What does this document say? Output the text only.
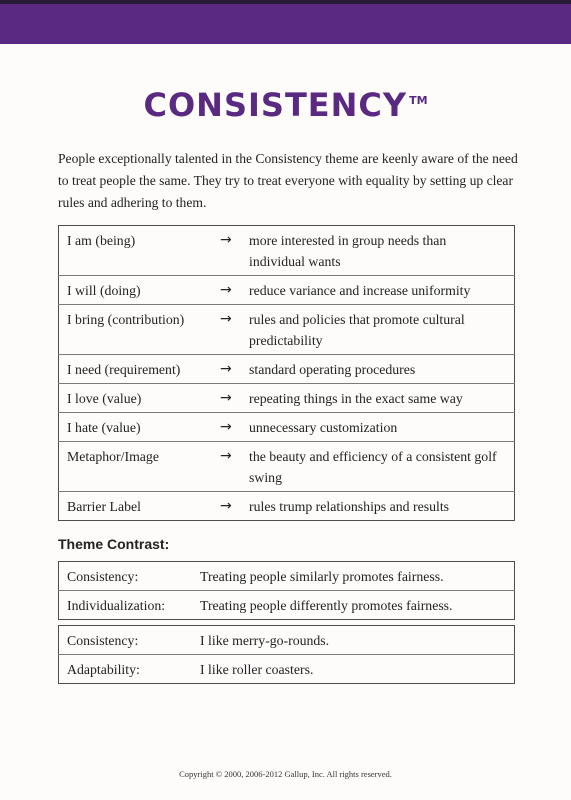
CONSISTENCY ™
People exceptionally talented in the Consistency theme are keenly aware of the need to treat people the same. They try to treat everyone with equality by setting up clear rules and adhering to them.
I am (being)	→	more interested in group needs than individual wants
I will (doing)	→	reduce variance and increase uniformity
I bring (contribution)	→	rules and policies that promote cultural predictability
I need (requirement)	→	standard operating procedures
I love (value)	→	repeating things in the exact same way
I hate (value)	→	unnecessary customization
Metaphor/Image	→	the beauty and efficiency of a consistent golf swing
Barrier Label	→	rules trump relationships and results
Theme Contrast:
Consistency:	Treating people similarly promotes fairness.
Individualization:	Treating people differently promotes fairness.
Consistency:	I like merry-go-rounds.
Adaptability:	I like roller coasters.
Copyright © 2000, 2006-2012 Gallup, Inc. All rights reserved.
